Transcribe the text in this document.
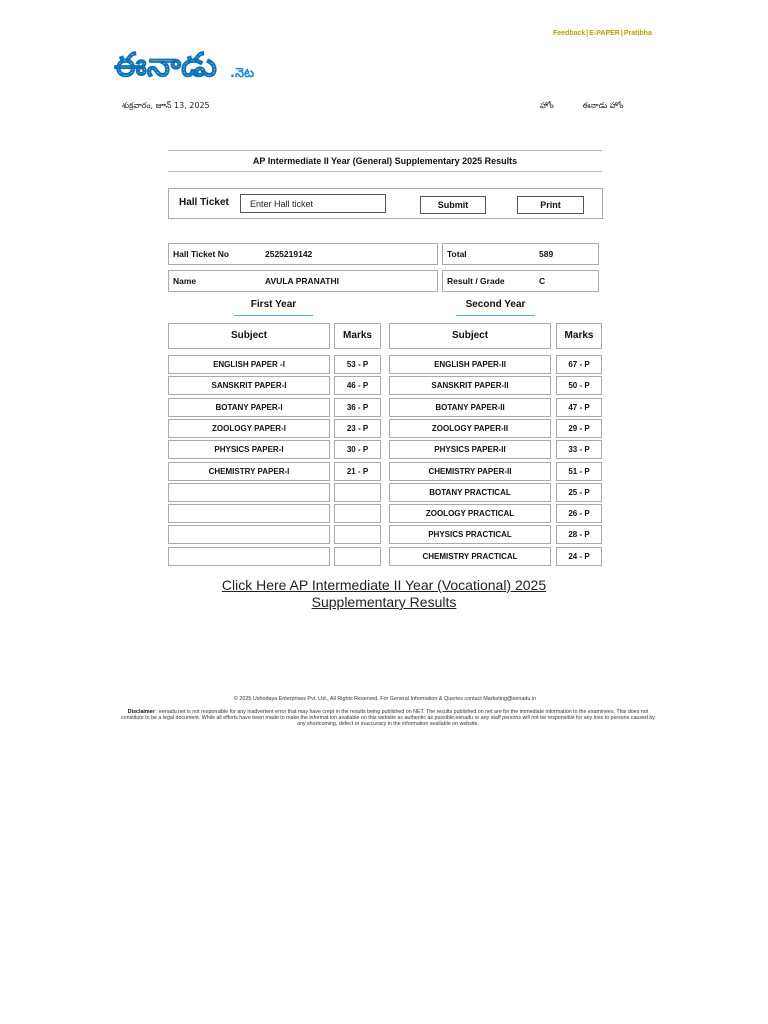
Feedback|E-PAPER|Pratibha
ఈనాడు .నెట
శుక్రవారం, జూన్ 13, 2025	హోం	ఈనాడు హోం
AP Intermediate II Year (General) Supplementary 2025 Results
Hall Ticket
Enter Hall ticket	Submit	Print
Hall Ticket No	2525219142
Name	AVULA PRANATHI
Total	589
Result / Grade	C
First Year	Second Year
Subject	Marks
ENGLISH PAPER -I	53 - P
SANSKRIT PAPER-I	46 - P
BOTANY PAPER-I	36 - P
ZOOLOGY PAPER-I	23 - P
PHYSICS PAPER-I	30 - P
CHEMISTRY PAPER-I	21 - P
Subject	Marks
ENGLISH PAPER-II	67 - P
SANSKRIT PAPER-II	50 - P
BOTANY PAPER-II	47 - P
ZOOLOGY PAPER-II	29 - P
PHYSICS PAPER-II	33 - P
CHEMISTRY PAPER-II	51 - P
BOTANY PRACTICAL	25 - P
ZOOLOGY PRACTICAL	26 - P
PHYSICS PRACTICAL	28 - P
CHEMISTRY PRACTICAL	24 - P
Click Here AP Intermediate II Year (Vocational) 2025 Supplementary Results
© 2025 Ushodaya Enterprises Pvt. Ltd., All Rights Reserved. For General Information & Queries contact Marketing@eenadu.in
Disclaimer : eenadu.net is not responsible for any inadvertent error that may have crept in the results being published on NET. The results published on net are for the immediate information to the examinees. This does not constitute to be a legal document. While all efforts have been made to make the informat ion available on this website as authentic as possible,eenadu or any staff persons will not be responsible for any loss to persons caused by any shortcoming, defect or inaccuracy in the information available on website.
